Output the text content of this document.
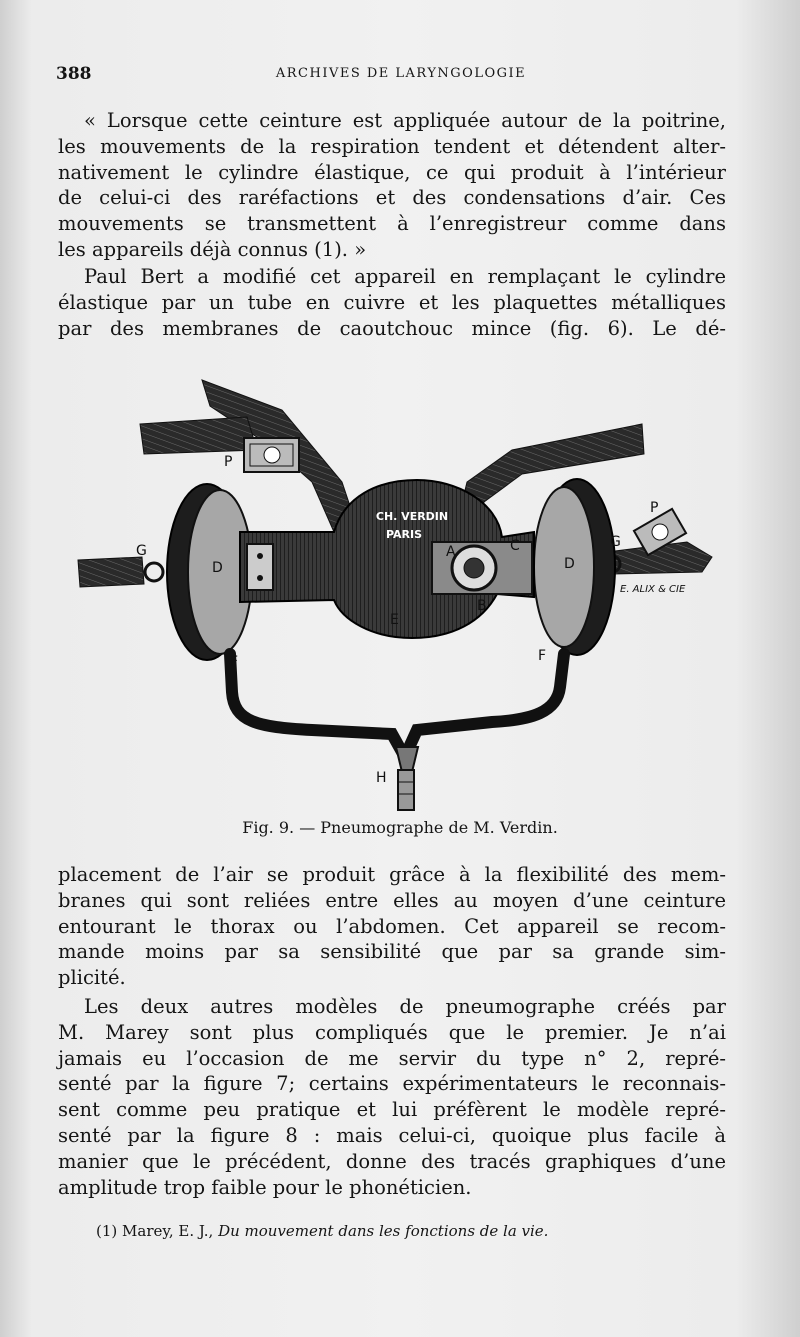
388	ARCHIVES DE LARYNGOLOGIE
« Lorsque cette ceinture est appliquée autour de la poitrine,
les mouvements de la respiration tendent et détendent alter-
nativement le cylindre élastique, ce qui produit à l’intérieur
de celui-ci des raréfactions et des condensations d’air. Ces
mouvements se transmettent à l’enregistreur comme dans
les appareils déjà connus (1). »
Paul Bert a modifié cet appareil en remplaçant le cylindre
élastique par un tube en cuivre et les plaquettes métalliques
par des membranes de caoutchouc mince (fig. 6). Le dé-
CH. VERDIN
PARIS
P
P
G
G
D	D
A
B
C
E
F	F
H
E. ALIX & CIE
Fig. 9. — Pneumographe de M. Verdin.
placement de l’air se produit grâce à la flexibilité des mem-
branes qui sont reliées entre elles au moyen d’une ceinture
entourant le thorax ou l’abdomen. Cet appareil se recom-
mande moins par sa sensibilité que par sa grande sim-
plicité.
Les deux autres modèles de pneumographe créés par
M. Marey sont plus compliqués que le premier. Je n’ai
jamais eu l’occasion de me servir du type n° 2, repré-
senté par la figure 7; certains expérimentateurs le reconnais-
sent comme peu pratique et lui préfèrent le modèle repré-
senté par la figure 8 : mais celui-ci, quoique plus facile à
manier que le précédent, donne des tracés graphiques d’une
amplitude trop faible pour le phonéticien.
(1) Marey, E. J., Du mouvement dans les fonctions de la vie.
